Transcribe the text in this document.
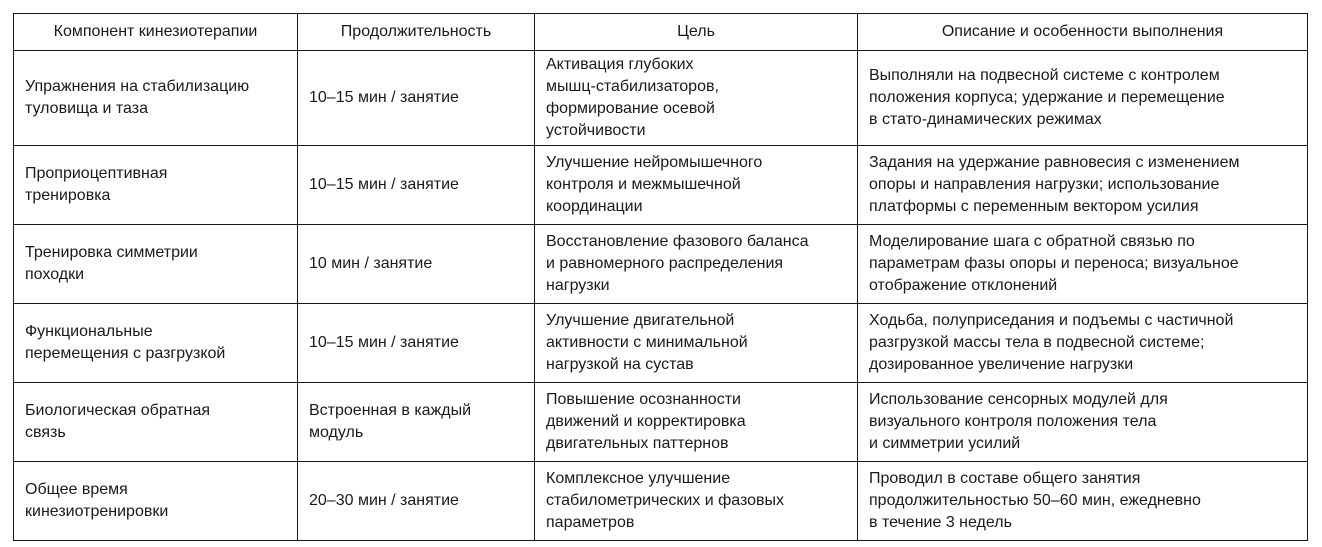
Компонент кинезиотерапии	Продолжительность	Цель	Описание и особенности выполнения

Упражнения на стабилизацию
туловища и таза	10–15 мин / занятие	Активация глубоких
мышц-стабилизаторов,
формирование осевой
устойчивости	Выполняли на подвесной системе с контролем
положения корпуса; удержание и перемещение
в стато-динамических режимах

Проприоцептивная
тренировка	10–15 мин / занятие	Улучшение нейромышечного
контроля и межмышечной
координации	Задания на удержание равновесия с изменением
опоры и направления нагрузки; использование
платформы с переменным вектором усилия

Тренировка симметрии
походки	10 мин / занятие	Восстановление фазового баланса
и равномерного распределения
нагрузки	Моделирование шага с обратной связью по
параметрам фазы опоры и переноса; визуальное
отображение отклонений

Функциональные
перемещения с разгрузкой	10–15 мин / занятие	Улучшение двигательной
активности с минимальной
нагрузкой на сустав	Ходьба, полуприседания и подъемы с частичной
разгрузкой массы тела в подвесной системе;
дозированное увеличение нагрузки

Биологическая обратная
связь	Встроенная в каждый
модуль	Повышение осознанности
движений и корректировка
двигательных паттернов	Использование сенсорных модулей для
визуального контроля положения тела
и симметрии усилий

Общее время
кинезиотренировки	20–30 мин / занятие	Комплексное улучшение
стабилометрических и фазовых
параметров	Проводил в составе общего занятия
продолжительностью 50–60 мин, ежедневно
в течение 3 недель
